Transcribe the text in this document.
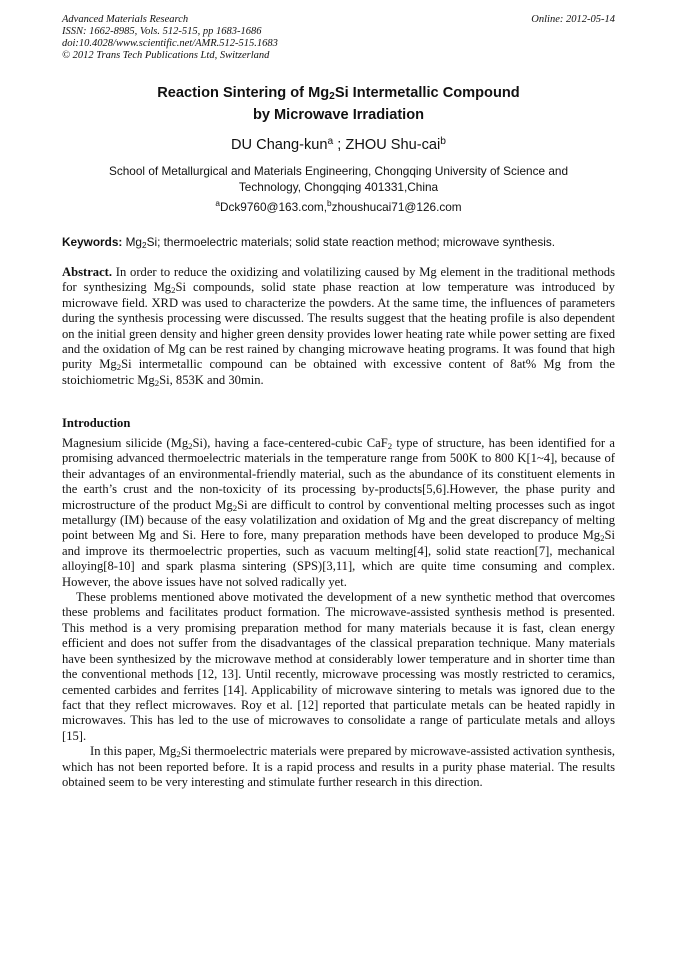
Advanced Materials Research
ISSN: 1662-8985, Vols. 512-515, pp 1683-1686
doi:10.4028/www.scientific.net/AMR.512-515.1683
© 2012 Trans Tech Publications Ltd, Switzerland
Online: 2012-05-14
Reaction Sintering of $Mg_2Si$ Intermetallic Compound
by Microwave Irradiation
DU Chang-kun$^a$ ; ZHOU Shu-cai$^b$
School of Metallurgical and Materials Engineering, Chongqing University of Science and
Technology, Chongqing 401331,China
$^a$Dck9760@163.com,$^b$zhoushucai71@126.com
Keywords: $Mg_2Si$; thermoelectric materials; solid state reaction method; microwave synthesis.
Abstract. In order to reduce the oxidizing and volatilizing caused by Mg element in the traditional methods for synthesizing $Mg_2Si$ compounds, solid state phase reaction at low temperature was introduced by microwave field. XRD was used to characterize the powders. At the same time, the influences of parameters during the synthesis processing were discussed. The results suggest that the heating profile is also dependent on the initial green density and higher green density provides lower heating rate while power setting are fixed and the oxidation of Mg can be rest rained by changing microwave heating programs. It was found that high purity $Mg_2Si$ intermetallic compound can be obtained with excessive content of 8at% Mg from the stoichiometric $Mg_2Si$, 853K and 30min.
Introduction

Magnesium silicide $(Mg_2Si)$, having a face-centered-cubic CaF$_2$ type of structure, has been identified for a promising advanced thermoelectric materials in the temperature range from 500K to 800 K[1~4], because of their advantages of an environmental-friendly material, such as the abundance of its constituent elements in the earth’s crust and the non-toxicity of its processing by-products[5,6].However, the phase purity and microstructure of the product $Mg_2Si$ are difficult to control by conventional melting processes such as ingot metallurgy (IM) because of the easy volatilization and oxidation of Mg and the great discrepancy of melting point between Mg and Si. Here to fore, many preparation methods have been developed to produce $Mg_2Si$ and improve its thermoelectric properties, such as vacuum melting[4], solid state reaction[7], mechanical alloying[8-10] and spark plasma sintering (SPS)[3,11], which are quite time consuming and complex. However, the above issues have not solved radically yet.

These problems mentioned above motivated the development of a new synthetic method that overcomes these problems and facilitates product formation. The microwave-assisted synthesis method is presented. This method is a very promising preparation method for many materials because it is fast, clean energy efficient and does not suffer from the disadvantages of the classical preparation technique. Many materials have been synthesized by the microwave method at considerably lower temperature and in shorter time than the conventional methods [12, 13]. Until recently, microwave processing was mostly restricted to ceramics, cemented carbides and ferrites [14]. Applicability of microwave sintering to metals was ignored due to the fact that they reflect microwaves. Roy et al. [12] reported that particulate metals can be heated rapidly in microwaves. This has led to the use of microwaves to consolidate a range of particulate metals and alloys [15].

In this paper, $Mg_2Si$ thermoelectric materials were prepared by microwave-assisted activation synthesis, which has not been reported before. It is a rapid process and results in a purity phase material. The results obtained seem to be very interesting and stimulate further research in this direction.
